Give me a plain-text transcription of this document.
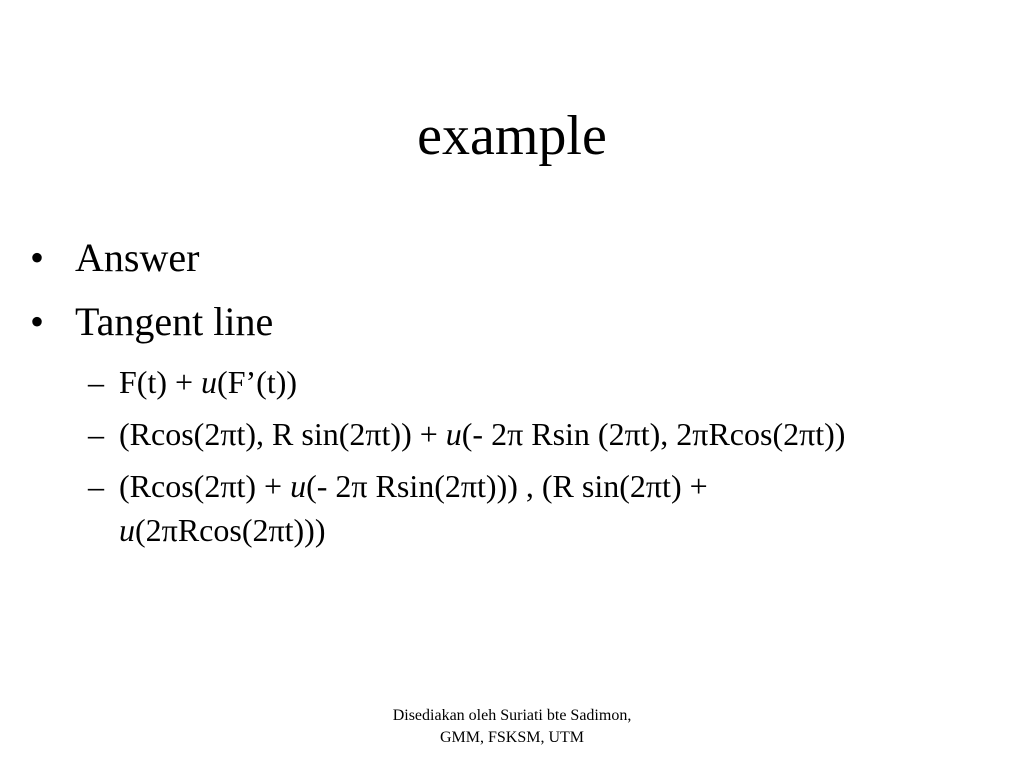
example
• Answer
• Tangent line
– F(t) + u(F’(t))
– (Rcos(2πt), R sin(2πt)) + u(- 2π Rsin (2πt), 2πRcos(2πt))
– (Rcos(2πt) + u(- 2π Rsin(2πt))) , (R sin(2πt) + u(2πRcos(2πt)))
Disediakan oleh Suriati bte Sadimon,
GMM, FSKSM, UTM
